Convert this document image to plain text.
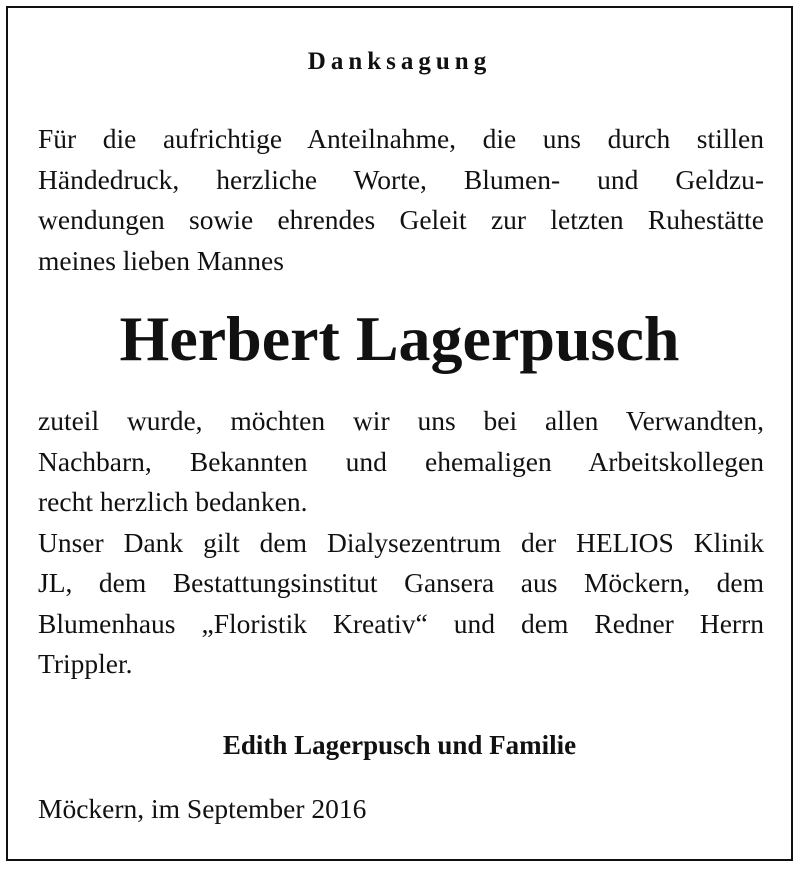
Danksagung
Für die aufrichtige Anteilnahme, die uns durch stillen
Händedruck, herzliche Worte, Blumen- und Geldzu-
wendungen sowie ehrendes Geleit zur letzten Ruhestätte
meines lieben Mannes
Herbert Lagerpusch
zuteil wurde, möchten wir uns bei allen Verwandten,
Nachbarn, Bekannten und ehemaligen Arbeitskollegen
recht herzlich bedanken.
Unser Dank gilt dem Dialysezentrum der HELIOS Klinik
JL, dem Bestattungsinstitut Gansera aus Möckern, dem
Blumenhaus „Floristik Kreativ“ und dem Redner Herrn
Trippler.
Edith Lagerpusch und Familie
Möckern, im September 2016
